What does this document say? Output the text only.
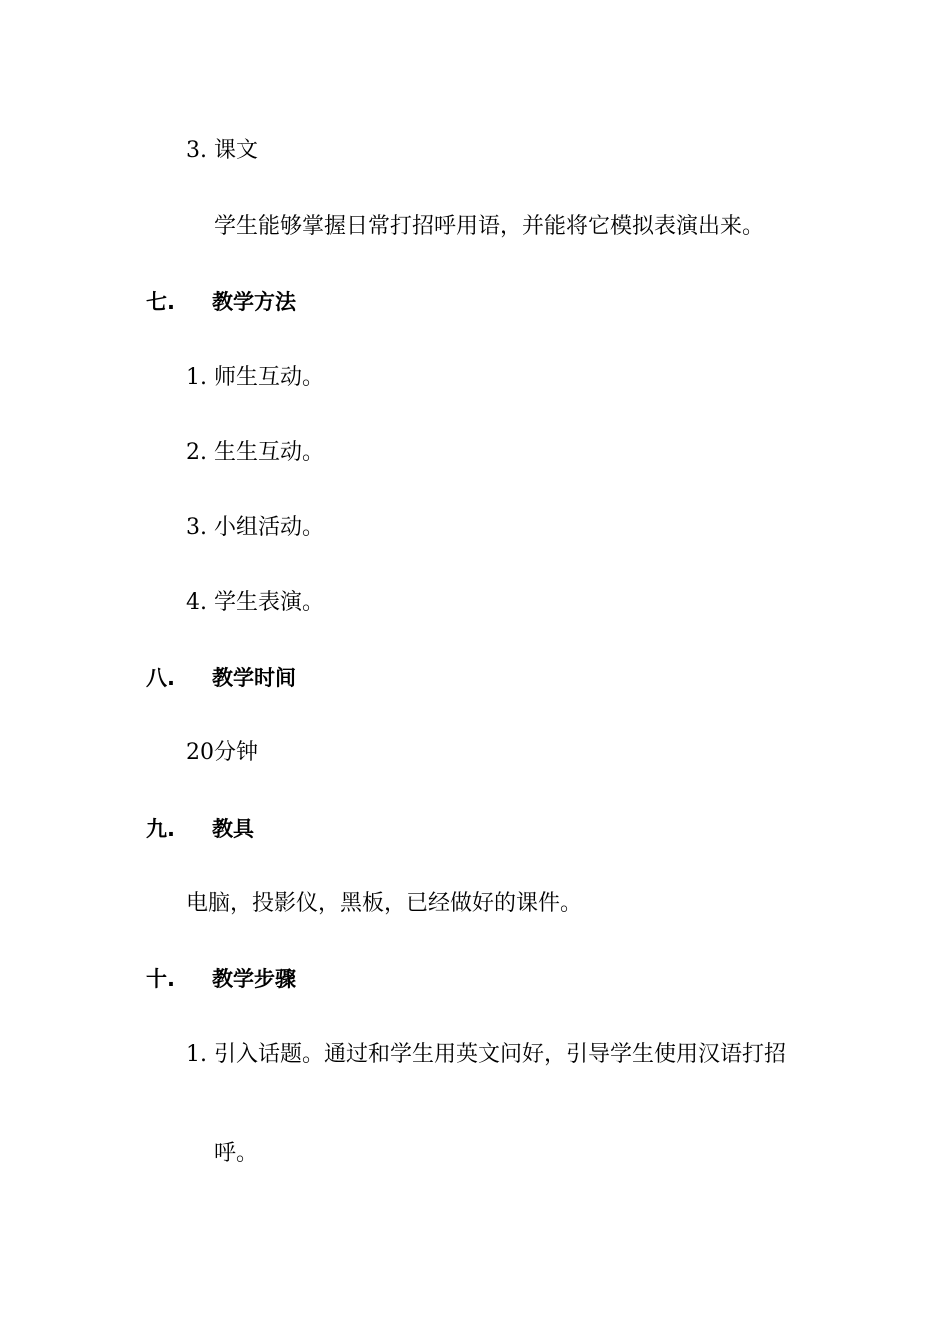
3. 课文
学生能够掌握日常打招呼用语，并能将它模拟表演出来。
七. 教学方法
1. 师生互动。
2. 生生互动。
3. 小组活动。
4. 学生表演。
八. 教学时间
20分钟
九. 教具
电脑，投影仪，黑板，已经做好的课件。
十. 教学步骤
1. 引入话题。通过和学生用英文问好，引导学生使用汉语打招
呼。
